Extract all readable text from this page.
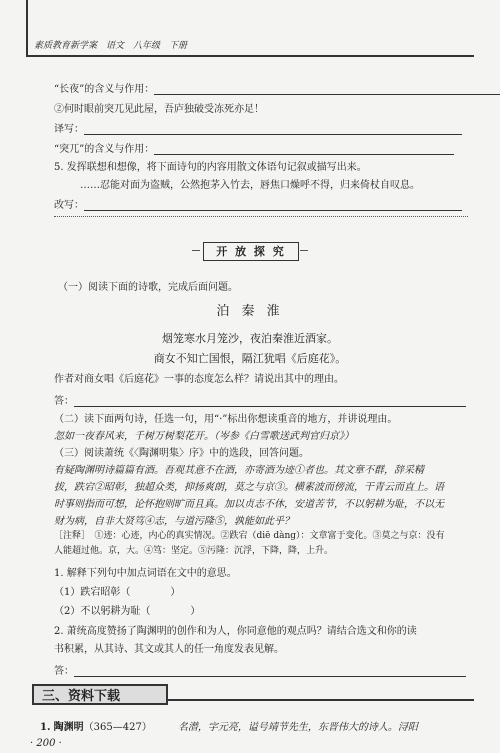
素质教育新学案　语文　八年级　下册
“长夜”的含义与作用：
②何时眼前突兀见此屋，吾庐独破受冻死亦足！
译写：
“突兀”的含义与作用：
5. 发挥联想和想像，将下面诗句的内容用散文体语句记叙或描写出来。
……忍能对面为盗贼，公然抱茅入竹去，唇焦口燥呼不得，归来倚杖自叹息。
改写：
开 放 探 究
（一）阅读下面的诗歌，完成后面问题。
泊 秦 淮
烟笼寒水月笼沙，夜泊秦淮近酒家。
商女不知亡国恨，隔江犹唱《后庭花》。
作者对商女唱《后庭花》一事的态度怎么样？请说出其中的理由。
答：
（二）读下面两句诗，任选一句，用“·”标出你想读重音的地方，并讲说理由。
忽如一夜春风来，千树万树梨花开。（岑参《白雪歌送武判官归京》）
（三）阅读萧统《〈陶渊明集〉序》中的选段，回答问题。
有疑陶渊明诗篇篇有酒。吾观其意不在酒，亦寄酒为迹①者也。其文章不群，辞采精
拔，跌宕②昭彰，独超众类，抑扬爽朗，莫之与京③。横素波而傍流，干青云而直上。语
时事则指而可想，论怀抱则旷而且真。加以贞志不休，安道苦节，不以躬耕为耻，不以无
财为病，自非大贤笃④志，与道污隆⑤，孰能如此乎？
［注释］　①迹：心迹，内心的真实情况。②跌宕（diē dàng）：文章富于变化。③莫之与京：没有
人能超过他。京，大。④笃：坚定。⑤污隆：沉浮，下降，降，上升。
1. 解释下列句中加点词语在文中的意思。
（1）跌宕昭彰（　　　　）
（2）不以躬耕为耻（　　　　）
2. 萧统高度赞扬了陶渊明的创作和为人，你同意他的观点吗？请结合选文和你的读
书积累，从其诗、其文或其人的任一角度发表见解。
答：
三、资料下载
1. 陶渊明（365—427）	名潜，字元亮，谥号靖节先生，东晋伟大的诗人。浔阳
· 200 ·
